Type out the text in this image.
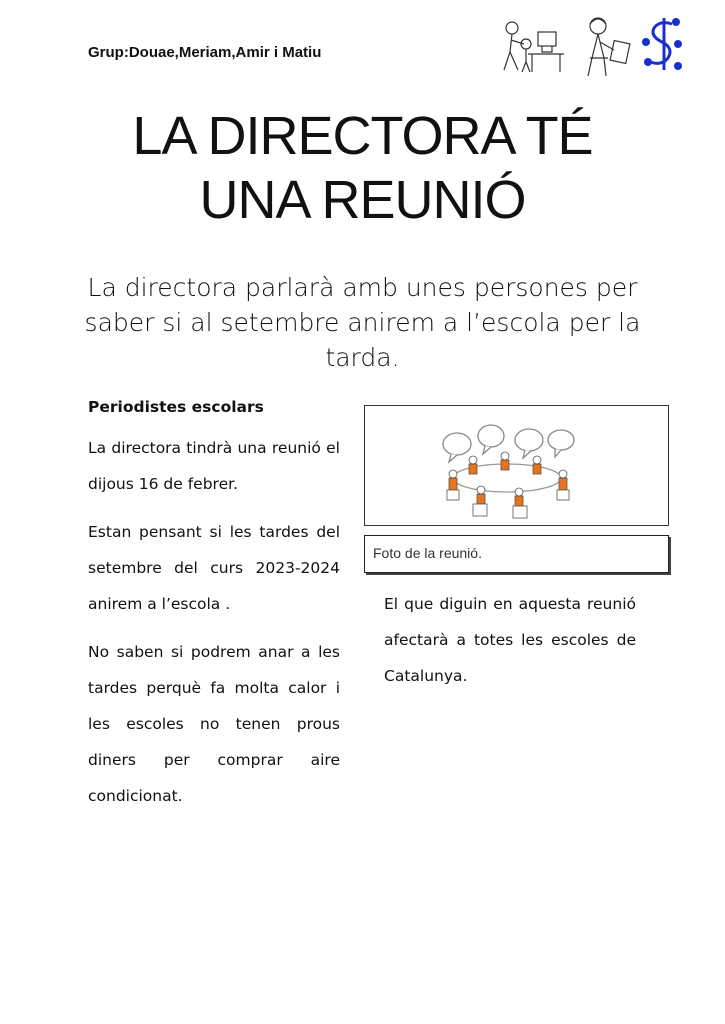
Grup:Douae,Meriam,Amir i Matiu
LA DIRECTORA TÉ
UNA REUNIÓ
La directora parlarà amb unes persones per saber si al setembre anirem a l’escola per la tarda.
Periodistes escolars
La directora tindrà una reunió el dijous 16 de febrer.
Estan pensant si les tardes del setembre del curs 2023-2024 anirem a l’escola .
No saben si podrem anar a les tardes perquè fa molta calor i les escoles no tenen prous diners per comprar aire condicionat.
Foto de la reunió.
El que diguin en aquesta reunió afectarà a totes les escoles de Catalunya.
